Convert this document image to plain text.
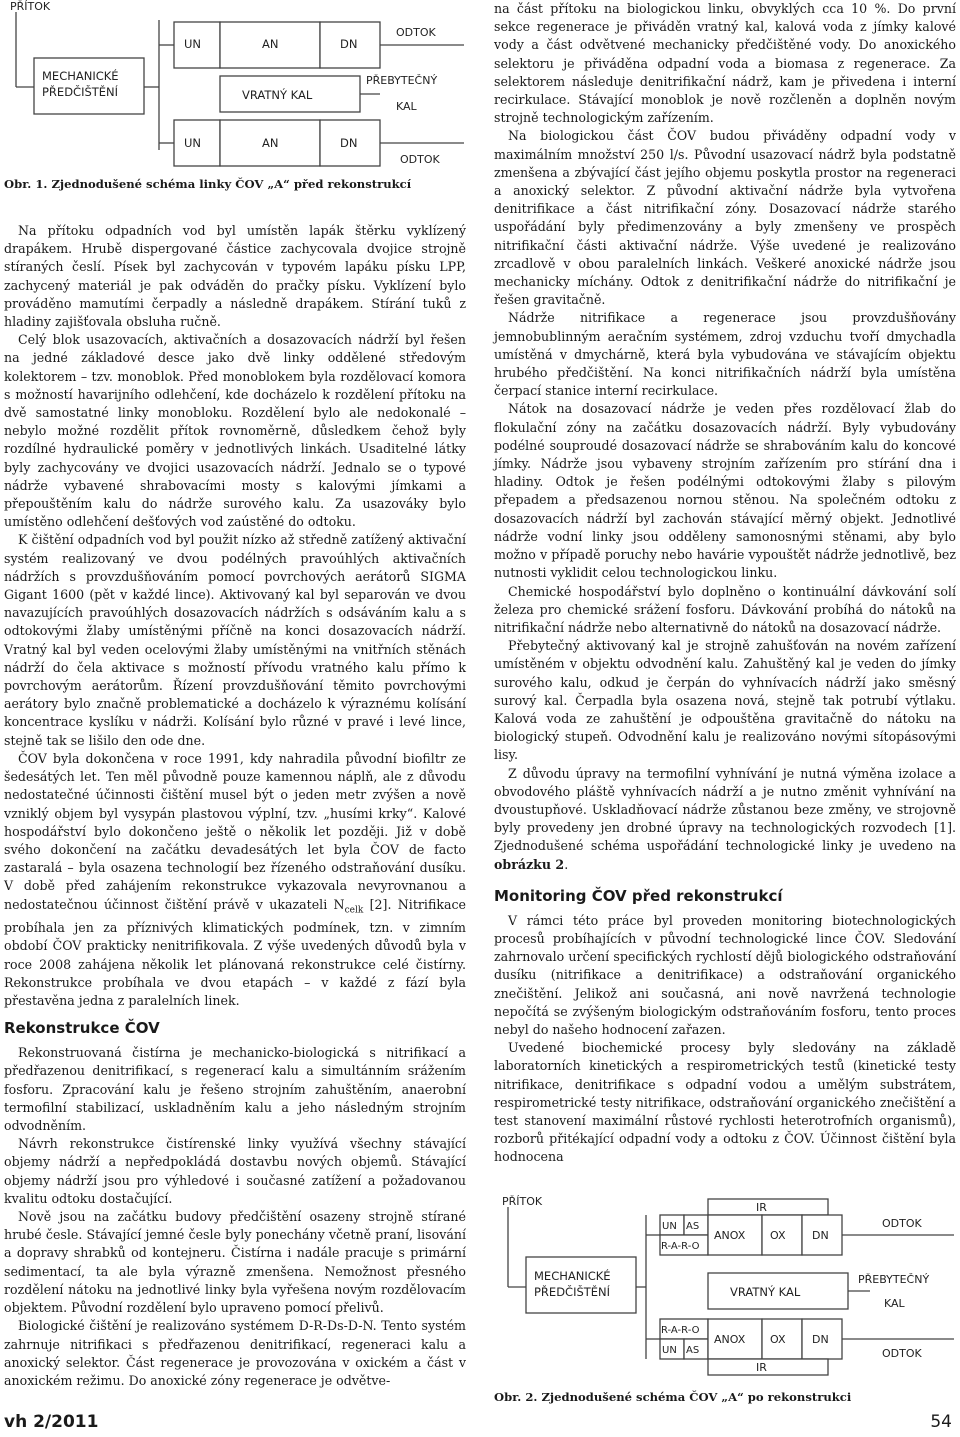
PŘÍTOK
MECHANICKÉ
PŘEDČIŠTĚNÍ
UN	AN	DN
ODTOK
UN	AN	DN
ODTOK
VRATNÝ KAL
PŘEBYTEČNÝ
KAL
Obr. 1. Zjednodušené schéma linky ČOV „A“ před rekonstrukcí

Na přítoku odpadních vod byl umístěn lapák štěrku vyklízený drapákem. Hrubě dispergované částice zachycovala dvojice strojně stíraných česlí. Písek byl zachycován v typovém lapáku písku LPP, zachycený materiál je pak odváděn do pračky písku. Vyklízení bylo prováděno mamutími čerpadly a následně drapákem. Stírání tuků z hladiny zajišťovala obsluha ručně.

Celý blok usazovacích, aktivačních a dosazovacích nádrží byl řešen na jedné základové desce jako dvě linky oddělené středovým kolektorem – tzv. monoblok. Před monoblokem byla rozdělovací komora s možností havarijního odlehčení, kde docházelo k rozdělení přítoku na dvě samostatné linky monobloku. Rozdělení bylo ale nedokonalé – nebylo možné rozdělit přítok rovnoměrně, důsledkem čehož byly rozdílné hydraulické poměry v jednotlivých linkách. Usaditelné látky byly zachycovány ve dvojici usazovacích nádrží. Jednalo se o typové nádrže vybavené shrabovacími mosty s kalovými jímkami a přepouštěním kalu do nádrže surového kalu. Za usazováky bylo umístěno odlehčení dešťových vod zaústěné do odtoku.

K čištění odpadních vod byl použit nízko až středně zatížený aktivační systém realizovaný ve dvou podélných pravoúhlých aktivačních nádržích s provzdušňováním pomocí povrchových aerátorů SIGMA Gigant 1600 (pět v každé lince). Aktivovaný kal byl separován ve dvou navazujících pravoúhlých dosazovacích nádržích s odsáváním kalu a s odtokovými žlaby umístěnými příčně na konci dosazovacích nádrží. Vratný kal byl veden ocelovými žlaby umístěnými na vnitřních stěnách nádrží do čela aktivace s možností přívodu vratného kalu přímo k povrchovým aerátorům. Řízení provzdušňování těmito povrchovými aerátory bylo značně problematické a docházelo k výraznému kolísání koncentrace kyslíku v nádrži. Kolísání bylo různé v pravé i levé lince, stejně tak se lišilo den ode dne.

ČOV byla dokončena v roce 1991, kdy nahradila původní biofiltr ze šedesátých let. Ten měl původně pouze kamennou náplň, ale z důvodu nedostatečné účinnosti čištění musel být o jeden metr zvýšen a nově vzniklý objem byl vysypán plastovou výplní, tzv. „husími krky“. Kalové hospodářství bylo dokončeno ještě o několik let později. Již v době svého dokončení na začátku devadesátých let byla ČOV de facto zastaralá – byla osazena technologií bez řízeného odstraňování dusíku. V době před zahájením rekonstrukce vykazovala nevyrovnanou a nedostatečnou účinnost čištění právě v ukazateli $N_{celk}$ [2]. Nitrifikace probíhala jen za příznivých klimatických podmínek, tzn. v zimním období ČOV prakticky nenitrifikovala. Z výše uvedených důvodů byla v roce 2008 zahájena několik let plánovaná rekonstrukce celé čistírny. Rekonstrukce probíhala ve dvou etapách – v každé z fází byla přestavěna jedna z paralelních linek.

Rekonstrukce ČOV

Rekonstruovaná čistírna je mechanicko-biologická s nitrifikací a předřazenou denitrifikací, s regenerací kalu a simultánním srážením fosforu. Zpracování kalu je řešeno strojním zahuštěním, anaerobní termofilní stabilizací, uskladněním kalu a jeho následným strojním odvodněním.

Návrh rekonstrukce čistírenské linky využívá všechny stávající objemy nádrží a nepředpokládá dostavbu nových objemů. Stávající objemy nádrží jsou pro výhledové i současné zatížení a požadovanou kvalitu odtoku dostačující.

Nově jsou na začátku budovy předčištění osazeny strojně stírané hrubé česle. Stávající jemné česle byly ponechány včetně praní, lisování a dopravy shrabků od kontejneru. Čistírna i nadále pracuje s primární sedimentací, ta ale byla výrazně zmenšena. Nemožnost přesného rozdělení nátoku na jednotlivé linky byla vyřešena novým rozdělovacím objektem. Původní rozdělení bylo upraveno pomocí přelivů.

Biologické čištění je realizováno systémem D-R-Ds-D-N. Tento systém zahrnuje nitrifikaci s předřazenou denitrifikací, regeneraci kalu a anoxický selektor. Část regenerace je provozována v oxickém a část v anoxickém režimu. Do anoxické zóny regenerace je odvětve-

na část přítoku na biologickou linku, obvyklých cca 10 %. Do první sekce regenerace je přiváděn vratný kal, kalová voda z jímky kalové vody a část odvětvené mechanicky předčištěné vody. Do anoxického selektoru je přiváděna odpadní voda a biomasa z regenerace. Za selektorem následuje denitrifikační nádrž, kam je přivedena i interní recirkulace. Stávající monoblok je nově rozčleněn a doplněn novým strojně technologickým zařízením.

Na biologickou část ČOV budou přiváděny odpadní vody v maximálním množství 250 l/s. Původní usazovací nádrž byla podstatně zmenšena a zbývající část jejího objemu poskytla prostor na regeneraci a anoxický selektor. Z původní aktivační nádrže byla vytvořena denitrifikace a část nitrifikační zóny. Dosazovací nádrže starého uspořádání byly předimenzovány a byly zmenšeny ve prospěch nitrifikační části aktivační nádrže. Výše uvedené je realizováno zrcadlově v obou paralelních linkách. Veškeré anoxické nádrže jsou mechanicky míchány. Odtok z denitrifikační nádrže do nitrifikační je řešen gravitačně.

Nádrže nitrifikace a regenerace jsou provzdušňovány jemnobublinným aeračním systémem, zdroj vzduchu tvoří dmychadla umístěná v dmychárně, která byla vybudována ve stávajícím objektu hrubého předčištění. Na konci nitrifikačních nádrží byla umístěna čerpací stanice interní recirkulace.

Nátok na dosazovací nádrže je veden přes rozdělovací žlab do flokulační zóny na začátku dosazovacích nádrží. Byly vybudovány podélné souproudé dosazovací nádrže se shrabováním kalu do koncové jímky. Nádrže jsou vybaveny strojním zařízením pro stírání dna i hladiny. Odtok je řešen podélnými odtokovými žlaby s pilovým přepadem a předsazenou nornou stěnou. Na společném odtoku z dosazovacích nádrží byl zachován stávající měrný objekt. Jednotlivé nádrže vodní linky jsou odděleny samonosnými stěnami, aby bylo možno v případě poruchy nebo havárie vypouštět nádrže jednotlivě, bez nutnosti vyklidit celou technologickou linku.

Chemické hospodářství bylo doplněno o kontinuální dávkování solí železa pro chemické srážení fosforu. Dávkování probíhá do nátoků na nitrifikační nádrže nebo alternativně do nátoků na dosazovací nádrže.

Přebytečný aktivovaný kal je strojně zahušťován na novém zařízení umístěném v objektu odvodnění kalu. Zahuštěný kal je veden do jímky surového kalu, odkud je čerpán do vyhnívacích nádrží jako směsný surový kal. Čerpadla byla osazena nová, stejně tak potrubí výtlaku. Kalová voda ze zahuštění je odpouštěna gravitačně do nátoku na biologický stupeň. Odvodnění kalu je realizováno novými sítopásovými lisy.

Z důvodu úpravy na termofilní vyhnívání je nutná výměna izolace a obvodového pláště vyhnívacích nádrží a je nutno změnit vyhnívání na dvoustupňové. Uskladňovací nádrže zůstanou beze změny, ve strojovně byly provedeny jen drobné úpravy na technologických rozvodech [1]. Zjednodušené schéma uspořádání technologické linky je uvedeno na obrázku 2.

Monitoring ČOV před rekonstrukcí

V rámci této práce byl proveden monitoring biotechnologických procesů probíhajících v původní technologické lince ČOV. Sledování zahrnovalo určení specifických rychlostí dějů biologického odstraňování dusíku (nitrifikace a denitrifikace) a odstraňování organického znečištění. Jelikož ani současná, ani nově navržená technologie nepočítá se zvýšeným biologickým odstraňováním fosforu, tento proces nebyl do našeho hodnocení zařazen.

Uvedené biochemické procesy byly sledovány na základě laboratorních kinetických a respirometrických testů (kinetické testy nitrifikace, denitrifikace s odpadní vodou a umělým substrátem, respirometrické testy nitrifikace, odstraňování organického znečištění a test stanovení maximální růstové rychlosti heterotrofních organismů), rozborů přitékající odpadní vody a odtoku z ČOV. Účinnost čištění byla hodnocena

PŘÍTOK
MECHANICKÉ
PŘEDČIŠTĚNÍ
IR
UN AS
R-A-R-O
ANOX OX DN
ODTOK
VRATNÝ KAL
PŘEBYTEČNÝ
KAL
R-A-R-O
UN AS
ANOX OX DN
ODTOK
IR
Obr. 2. Zjednodušené schéma ČOV „A“ po rekonstrukci
vh 2/2011	54
